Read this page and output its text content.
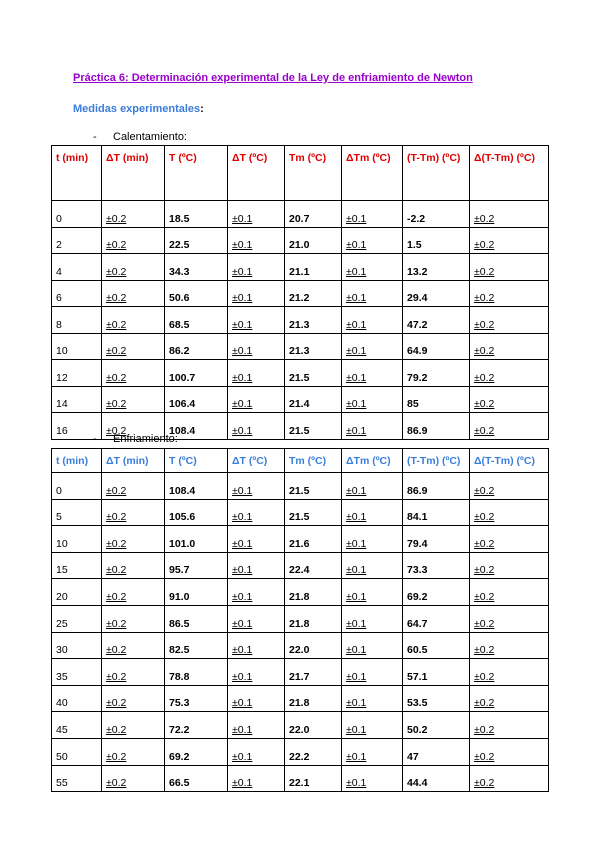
Práctica 6: Determinación experimental de la Ley de enfriamiento de Newton
Medidas experimentales:
- Calentamiento:
t (min)	ΔT (min)	T (ºC)	ΔT (ºC)	Tm (ºC)	ΔTm (ºC)	(T-Tm) (ºC)	Δ(T-Tm) (ºC)
0	±0.2	18.5	±0.1	20.7	±0.1	-2.2	±0.2
2	±0.2	22.5	±0.1	21.0	±0.1	1.5	±0.2
4	±0.2	34.3	±0.1	21.1	±0.1	13.2	±0.2
6	±0.2	50.6	±0.1	21.2	±0.1	29.4	±0.2
8	±0.2	68.5	±0.1	21.3	±0.1	47.2	±0.2
10	±0.2	86.2	±0.1	21.3	±0.1	64.9	±0.2
12	±0.2	100.7	±0.1	21.5	±0.1	79.2	±0.2
14	±0.2	106.4	±0.1	21.4	±0.1	85	±0.2
16	±0.2	108.4	±0.1	21.5	±0.1	86.9	±0.2
- Enfriamiento:
t (min)	ΔT (min)	T (ºC)	ΔT (ºC)	Tm (ºC)	ΔTm (ºC)	(T-Tm) (ºC)	Δ(T-Tm) (ºC)
0	±0.2	108.4	±0.1	21.5	±0.1	86.9	±0.2
5	±0.2	105.6	±0.1	21.5	±0.1	84.1	±0.2
10	±0.2	101.0	±0.1	21.6	±0.1	79.4	±0.2
15	±0.2	95.7	±0.1	22.4	±0.1	73.3	±0.2
20	±0.2	91.0	±0.1	21.8	±0.1	69.2	±0.2
25	±0.2	86.5	±0.1	21.8	±0.1	64.7	±0.2
30	±0.2	82.5	±0.1	22.0	±0.1	60.5	±0.2
35	±0.2	78.8	±0.1	21.7	±0.1	57.1	±0.2
40	±0.2	75.3	±0.1	21.8	±0.1	53.5	±0.2
45	±0.2	72.2	±0.1	22.0	±0.1	50.2	±0.2
50	±0.2	69.2	±0.1	22.2	±0.1	47	±0.2
55	±0.2	66.5	±0.1	22.1	±0.1	44.4	±0.2
